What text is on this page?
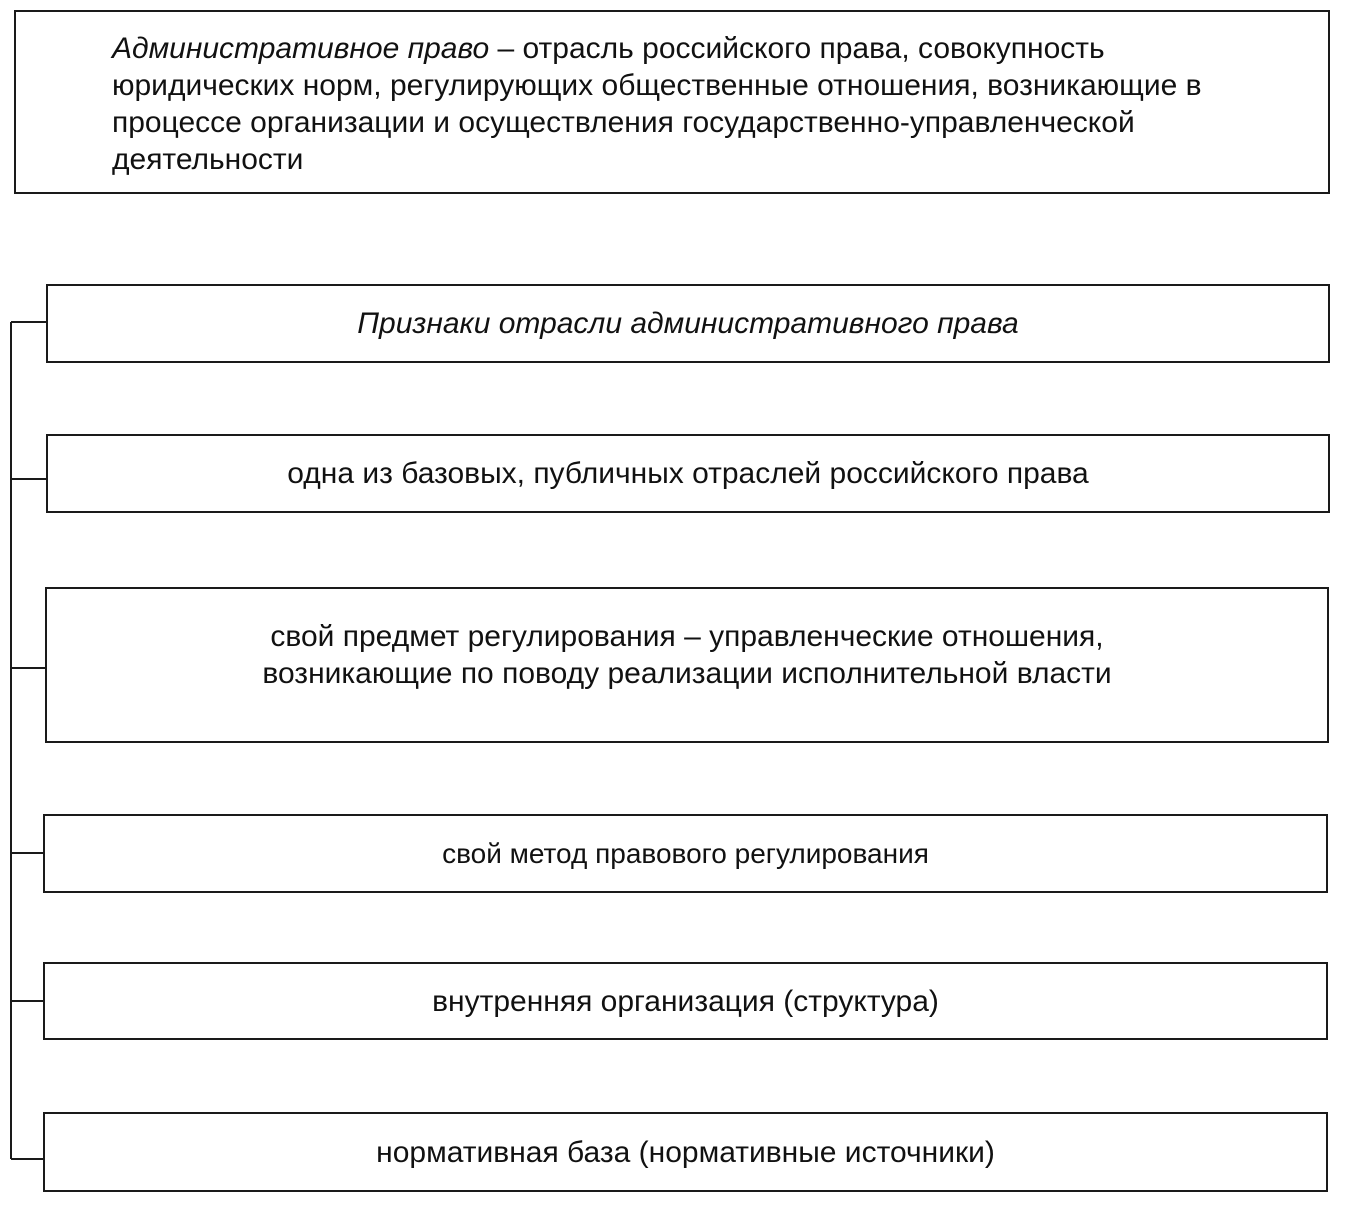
Административное право – отрасль российского права, совокупность юридических норм, регулирующих общественные отношения, возникающие в процессе организации и осуществления государственно-управленческой деятельности
Признаки отрасли административного права
одна из базовых, публичных отраслей российского права
свой предмет регулирования – управленческие отношения, возникающие по поводу реализации исполнительной власти
свой метод правового регулирования
внутренняя организация (структура)
нормативная база (нормативные источники)
